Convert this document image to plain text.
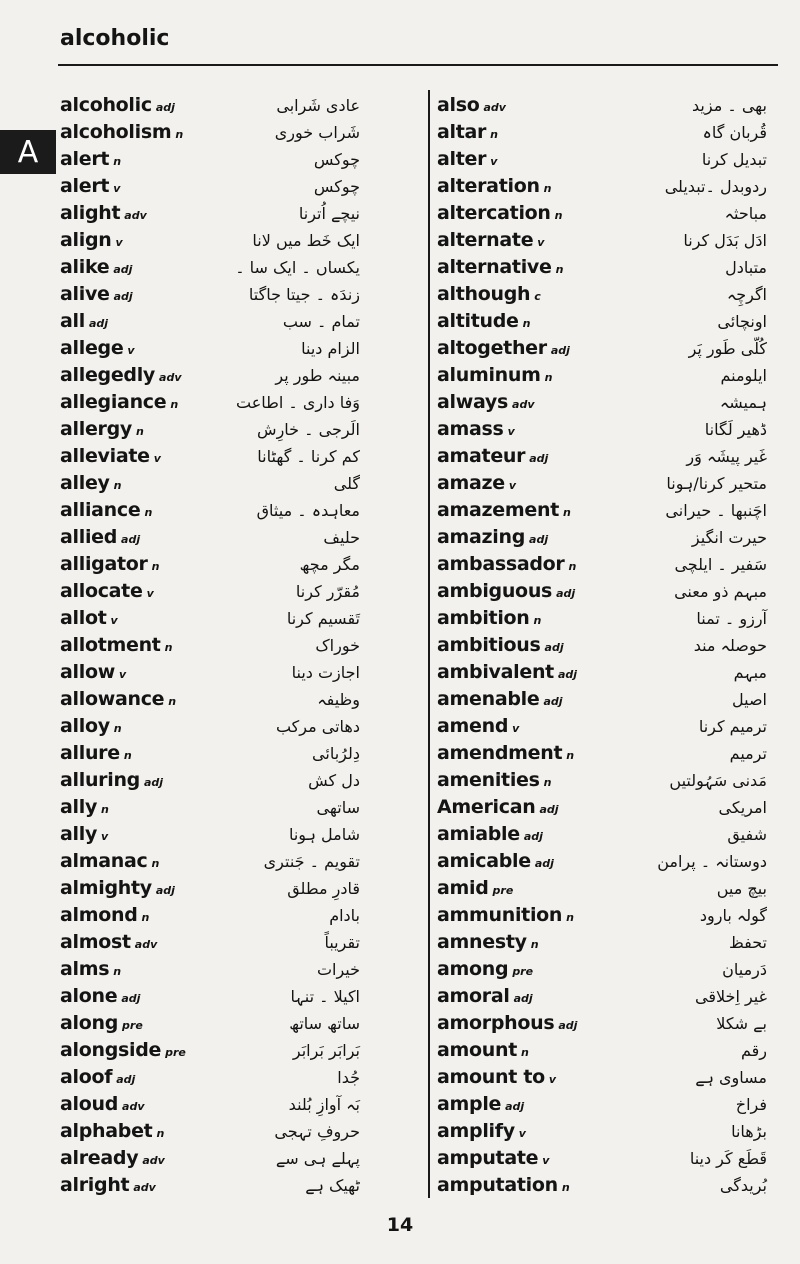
alcoholic
A
alcoholic adj	عادی شَرابی
alcoholism n	شَراب خوری
alert n	چوکس
alert v	چوکس
alight adv	نیچے اُترنا
align v	ایک خَط میں لانا
alike adj	یکساں ۔ ایک سا ۔
alive adj	زندَہ ۔ جیتا جاگتا
all adj	تمام ۔ سب
allege v	الزام دینا
allegedly adv	مبینہ طور پر
allegiance n	وَفا داری ۔ اطاعت
allergy n	الَرجی ۔ خارِش
alleviate v	کم کرنا ۔ گھٹانا
alley n	گلی
alliance n	معاہدہ ۔ میثاق
allied adj	حلیف
alligator n	مگر مچھ
allocate v	مُقرّر کرنا
allot v	تَقسیم کرنا
allotment n	خوراک
allow v	اجازت دینا
allowance n	وظیفہ
alloy n	دھاتی مرکب
allure n	دِلرُبائی
alluring adj	دل کش
ally n	ساتھی
ally v	شامل ہونا
almanac n	تقویم ۔ جَنتری
almighty adj	قادرِ مطلق
almond n	بادام
almost adv	تقریباً
alms n	خیرات
alone adj	اکیلا ۔ تنہا
along pre	ساتھ ساتھ
alongside pre	بَرابَر بَرابَر
aloof adj	جُدا
aloud adv	بَہ آوازِ بُلند
alphabet n	حروفِ تہجی
already adv	پہلے ہی سے
alright adv	ٹھیک ہے
also adv	بھی ۔ مزید
altar n	قُربان گاہ
alter v	تبدیل کرنا
alteration n	ردوبدل ۔تبدیلی
altercation n	مباحثہ
alternate v	ادَل بَدَل کرنا
alternative n	متبادل
although c	اگرچِہ
altitude n	اونچائی
altogether adj	کُلّی طَور پَر
aluminum n	ایلومنم
always adv	ہمیشہ
amass v	ڈھیر لَگانا
amateur adj	غَیر پیشَہ وَر
amaze v	متحیر کرنا/ہونا
amazement n	اچَنبھا ۔ حیرانی
amazing adj	حیرت انگیز
ambassador n	سَفیر ۔ ایلچی
ambiguous adj	مبہم ذو معنی
ambition n	آرزو ۔ تمنا
ambitious adj	حوصلہ مند
ambivalent adj	مبہم
amenable adj	اصیل
amend v	ترمیم کرنا
amendment n	ترمیم
amenities n	مَدنی سَہُولتیں
American adj	امریکی
amiable adj	شفیق
amicable adj	دوستانہ ۔ پرامن
amid pre	بیچ میں
ammunition n	گولہ بارود
amnesty n	تحفظ
among pre	دَرمیان
amoral adj	غیر اِخلاقی
amorphous adj	بے شکلا
amount n	رقم
amount to v	مساوی ہے
ample adj	فراخ
amplify v	بڑھانا
amputate v	قَطَع کَر دینا
amputation n	بُریدگی
14
